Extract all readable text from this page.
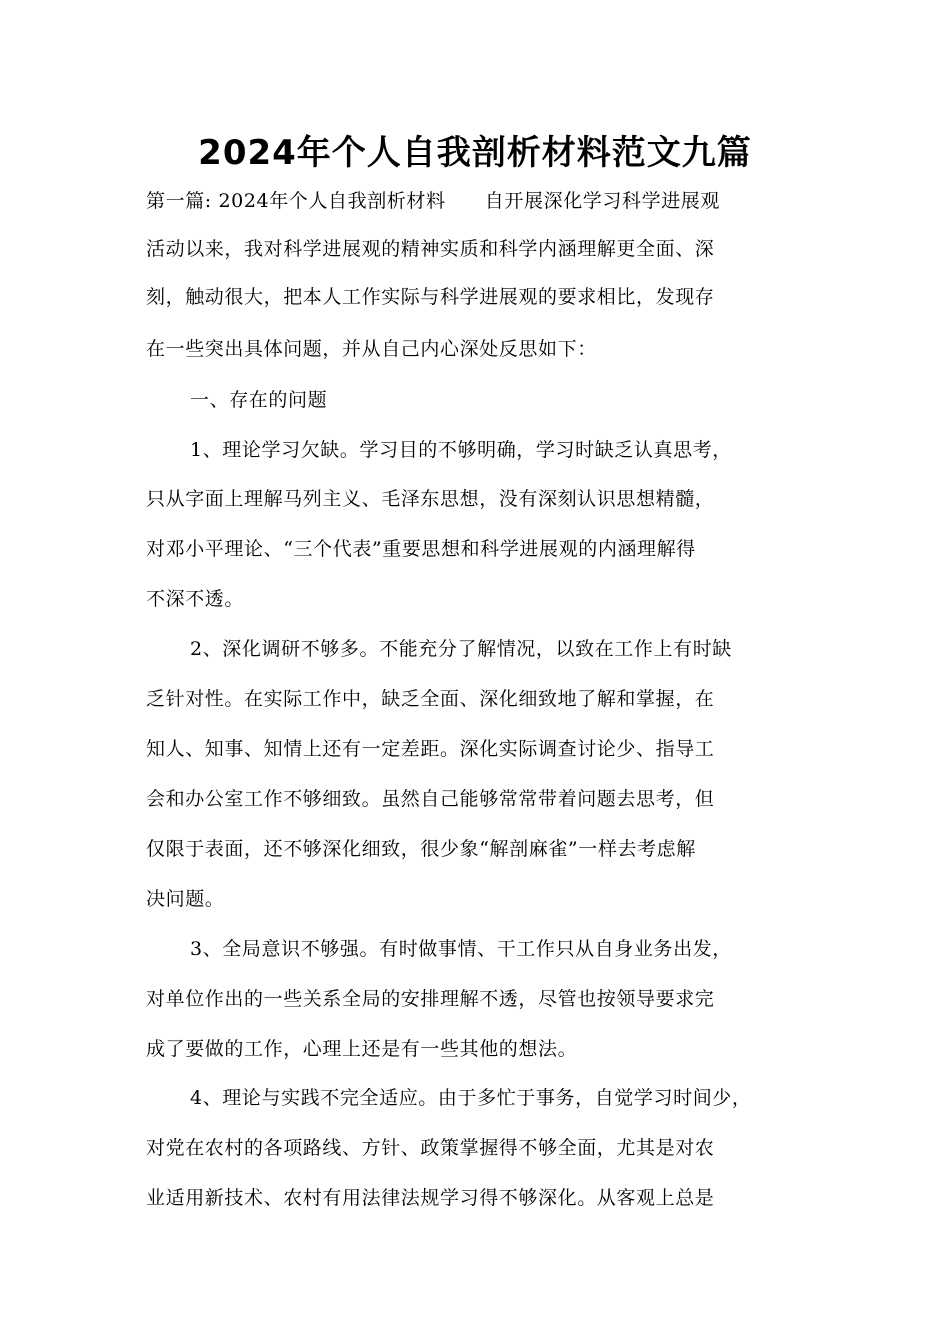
2024年个人自我剖析材料范文九篇
第一篇: 2024年个人自我剖析材料　　自开展深化学习科学进展观
活动以来，我对科学进展观的精神实质和科学内涵理解更全面、深
刻，触动很大，把本人工作实际与科学进展观的要求相比，发现存
在一些突出具体问题，并从自己内心深处反思如下：
一、存在的问题
1、理论学习欠缺。学习目的不够明确，学习时缺乏认真思考，
只从字面上理解马列主义、毛泽东思想，没有深刻认识思想精髓，
对邓小平理论、“三个代表”重要思想和科学进展观的内涵理解得
不深不透。
2、深化调研不够多。不能充分了解情况，以致在工作上有时缺
乏针对性。在实际工作中，缺乏全面、深化细致地了解和掌握，在
知人、知事、知情上还有一定差距。深化实际调查讨论少、指导工
会和办公室工作不够细致。虽然自己能够常常带着问题去思考，但
仅限于表面，还不够深化细致，很少象“解剖麻雀”一样去考虑解
决问题。
3、全局意识不够强。有时做事情、干工作只从自身业务出发，
对单位作出的一些关系全局的安排理解不透，尽管也按领导要求完
成了要做的工作，心理上还是有一些其他的想法。
4、理论与实践不完全适应。由于多忙于事务，自觉学习时间少，
对党在农村的各项路线、方针、政策掌握得不够全面，尤其是对农
业适用新技术、农村有用法律法规学习得不够深化。从客观上总是
